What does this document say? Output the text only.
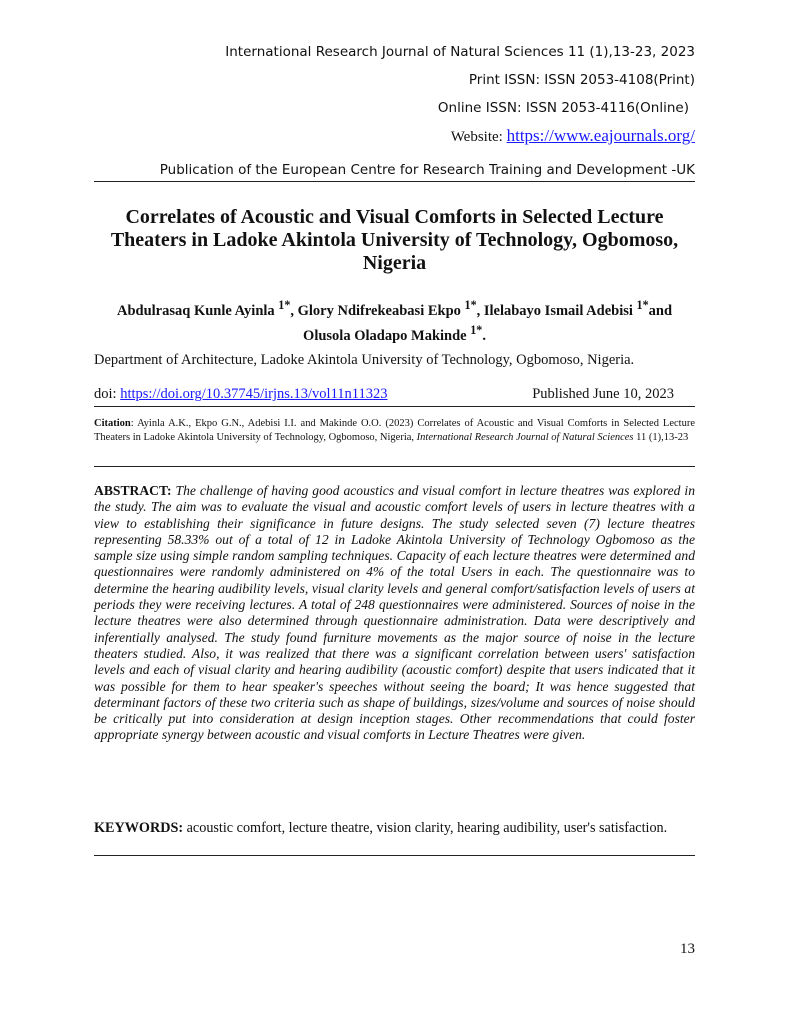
International Research Journal of Natural Sciences 11 (1),13-23, 2023
Print ISSN: ISSN 2053-4108(Print)
Online ISSN: ISSN 2053-4116(Online)
Website: https://www.eajournals.org/
Publication of the European Centre for Research Training and Development -UK
Correlates of Acoustic and Visual Comforts in Selected Lecture Theaters in Ladoke Akintola University of Technology, Ogbomoso, Nigeria
Abdulrasaq Kunle Ayinla $^{1*}$, Glory Ndifrekeabasi Ekpo $^{1*}$, Ilelabayo Ismail Adebisi $^{1*}$and Olusola Oladapo Makinde $^{1*}$.
Department of Architecture, Ladoke Akintola University of Technology, Ogbomoso, Nigeria.
doi: https://doi.org/10.37745/irjns.13/vol11n11323	Published June 10, 2023
Citation: Ayinla A.K., Ekpo G.N., Adebisi I.I. and Makinde O.O. (2023) Correlates of Acoustic and Visual Comforts in Selected Lecture Theaters in Ladoke Akintola University of Technology, Ogbomoso, Nigeria, International Research Journal of Natural Sciences 11 (1),13-23
ABSTRACT: The challenge of having good acoustics and visual comfort in lecture theatres was explored in the study. The aim was to evaluate the visual and acoustic comfort levels of users in lecture theatres with a view to establishing their significance in future designs. The study selected seven (7) lecture theatres representing 58.33% out of a total of 12 in Ladoke Akintola University of Technology Ogbomoso as the sample size using simple random sampling techniques. Capacity of each lecture theatres were determined and questionnaires were randomly administered on 4% of the total Users in each. The questionnaire was to determine the hearing audibility levels, visual clarity levels and general comfort/satisfaction levels of users at periods they were receiving lectures. A total of 248 questionnaires were administered. Sources of noise in the lecture theatres were also determined through questionnaire administration. Data were descriptively and inferentially analysed. The study found furniture movements as the major source of noise in the lecture theaters studied. Also, it was realized that there was a significant correlation between users' satisfaction levels and each of visual clarity and hearing audibility (acoustic comfort) despite that users indicated that it was possible for them to hear speaker's speeches without seeing the board; It was hence suggested that determinant factors of these two criteria such as shape of buildings, sizes/volume and sources of noise should be critically put into consideration at design inception stages. Other recommendations that could foster appropriate synergy between acoustic and visual comforts in Lecture Theatres were given.
KEYWORDS: acoustic comfort, lecture theatre, vision clarity, hearing audibility, user's satisfaction.
13
